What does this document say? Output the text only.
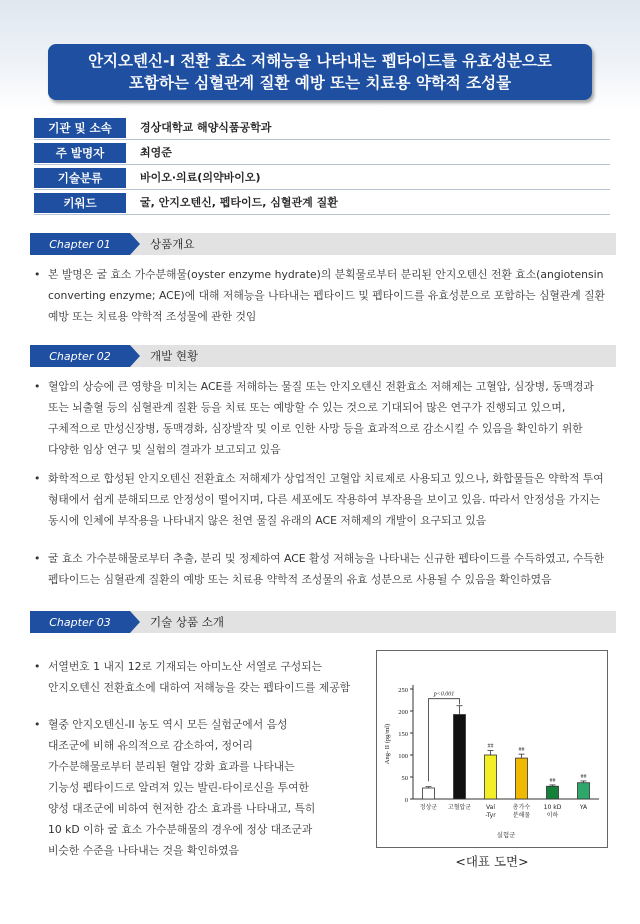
안지오텐신-I 전환 효소 저해능을 나타내는 펩타이드를 유효성분으로
포함하는 심혈관계 질환 예방 또는 치료용 약학적 조성물
기관 및 소속	경상대학교 해양식품공학과
주 발명자	최영준
기술분류	바이오·의료(의약바이오)
키워드	굴, 안지오텐신, 펩타이드, 심혈관계 질환
Chapter 01	상품개요
• 본 발명은 굴 효소 가수분해물(oyster enzyme hydrate)의 분획물로부터 분리된 안지오텐신 전환 효소(angiotensin
converting enzyme; ACE)에 대해 저해능을 나타내는 펩타이드 및 펩타이드를 유효성분으로 포함하는 심혈관계 질환
예방 또는 치료용 약학적 조성물에 관한 것임
Chapter 02	개발 현황
• 혈압의 상승에 큰 영향을 미치는 ACE를 저해하는 물질 또는 안지오텐신 전환효소 저해제는 고혈압, 심장병, 동맥경과
또는 뇌출혈 등의 심혈관계 질환 등을 치료 또는 예방할 수 있는 것으로 기대되어 많은 연구가 진행되고 있으며,
구체적으로 만성신장병, 동맥경화, 심장발작 및 이로 인한 사망 등을 효과적으로 감소시킬 수 있음을 확인하기 위한
다양한 임상 연구 및 실험의 결과가 보고되고 있음
• 화학적으로 합성된 안지오텐신 전환효소 저해제가 상업적인 고혈압 치료제로 사용되고 있으나, 화합물들은 약학적 투여
형태에서 쉽게 분해되므로 안정성이 떨어지며, 다른 세포에도 작용하여 부작용을 보이고 있음. 따라서 안정성을 가지는
동시에 인체에 부작용을 나타내지 않은 천연 물질 유래의 ACE 저해제의 개발이 요구되고 있음
• 굴 효소 가수분해물로부터 추출, 분리 및 정제하여 ACE 활성 저해능을 나타내는 신규한 펩타이드를 수득하였고, 수득한
펩타이드는 심혈관계 질환의 예방 또는 치료용 약학적 조성물의 유효 성분으로 사용될 수 있음을 확인하였음
Chapter 03	기술 상품 소개
• 서열번호 1 내지 12로 기재되는 아미노산 서열로 구성되는
안지오텐신 전환효소에 대하여 저해능을 갖는 펩타이드를 제공함
• 혈중 안지오텐신-II 농도 역시 모든 실험군에서 음성
대조군에 비해 유의적으로 감소하여, 정어리
가수분해물로부터 분리된 혈압 강화 효과를 나타내는
기능성 펩타이드로 알려져 있는 발린-타이로신을 투여한
양성 대조군에 비하여 현저한 감소 효과를 나타내고, 특히
10 kD 이하 굴 효소 가수분해물의 경우에 정상 대조군과
비슷한 수준을 나타내는 것을 확인하였음
0
50
100
150
200
250
Ang- II (pg/ml)
정상군 고혈압군
##
Val -Tyr
##
총가수 분해물
##
10 kD 이하
##
YA
p<0.001
실험군
<대표 도면>
